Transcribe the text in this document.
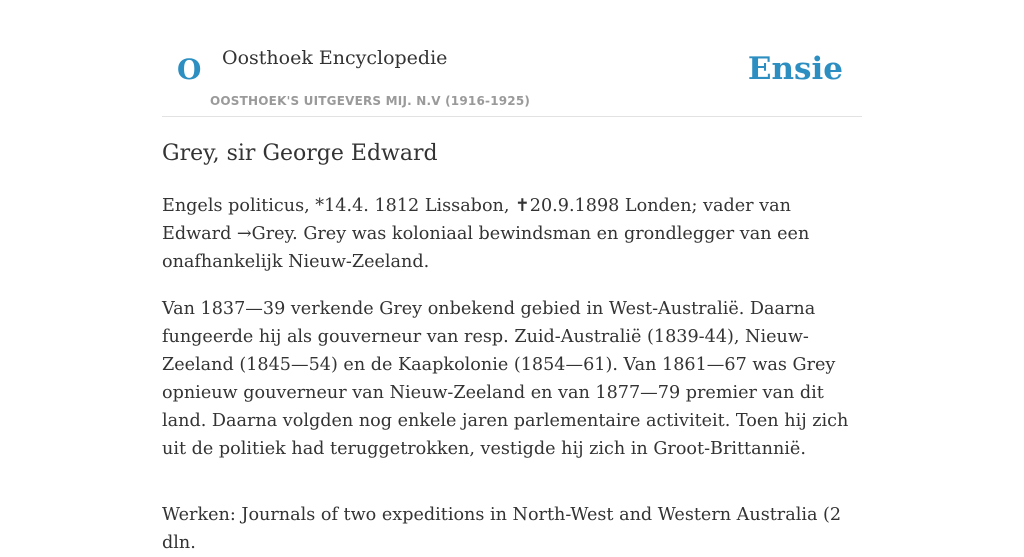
O Oosthoek Encyclopedie
OOSTHOEK'S UITGEVERS MIJ. N.V (1916-1925)
Ensie
Grey, sir George Edward

Engels politicus, *14.4. 1812 Lissabon, ✝20.9.1898 Londen; vader van Edward →Grey. Grey was koloniaal bewindsman en grondlegger van een onafhankelijk Nieuw-Zeeland.

Van 1837—39 verkende Grey onbekend gebied in West-Australië. Daarna fungeerde hij als gouverneur van resp. Zuid-Australië (1839-44), Nieuw-Zeeland (1845—54) en de Kaapkolonie (1854—61). Van 1861—67 was Grey opnieuw gouverneur van Nieuw-Zeeland en van 1877—79 premier van dit land. Daarna volgden nog enkele jaren parlementaire activiteit. Toen hij zich uit de politiek had teruggetrokken, vestigde hij zich in Groot-Brittannië.

Werken: Journals of two expeditions in North-West and Western Australia (2 dln.
